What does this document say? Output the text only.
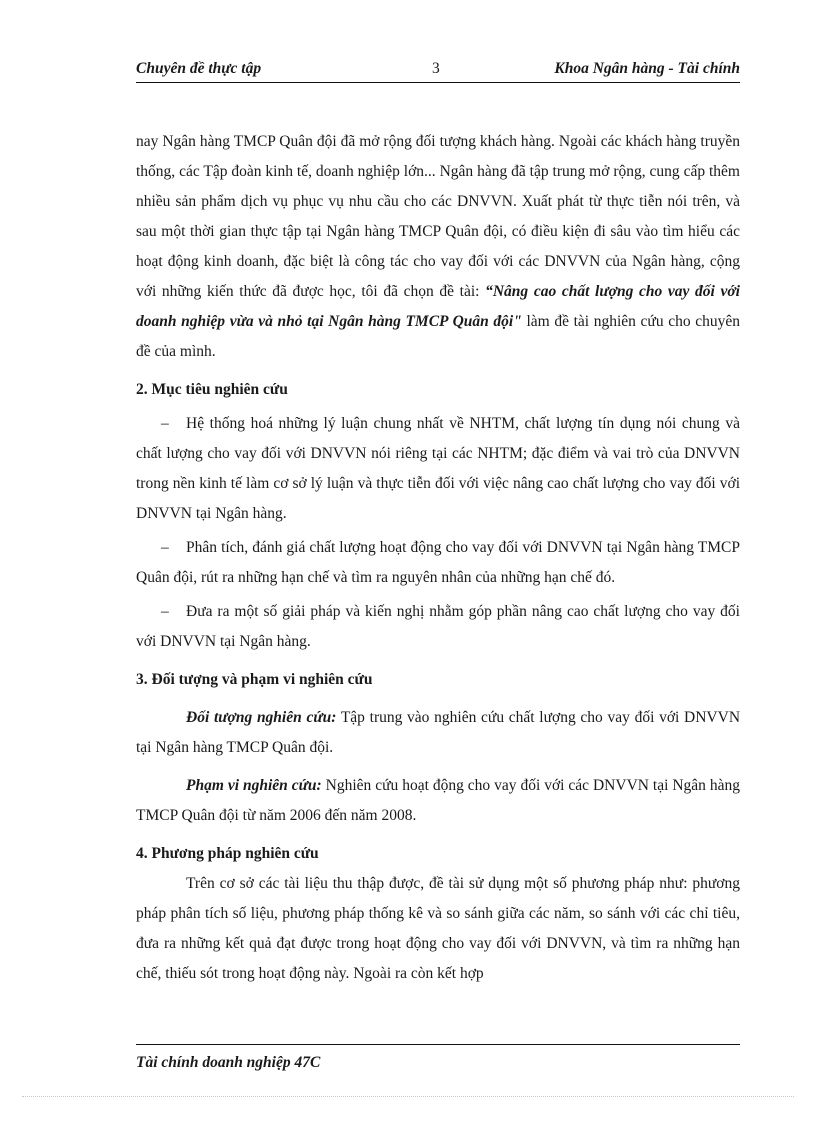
Chuyên đề thực tập	3	Khoa Ngân hàng - Tài chính

nay Ngân hàng TMCP Quân đội đã mở rộng đối tượng khách hàng. Ngoài các khách hàng truyền thống, các Tập đoàn kinh tế, doanh nghiệp lớn... Ngân hàng đã tập trung mở rộng, cung cấp thêm nhiều sản phẩm dịch vụ phục vụ nhu cầu cho các DNVVN. Xuất phát từ thực tiễn nói trên, và sau một thời gian thực tập tại Ngân hàng TMCP Quân đội, có điều kiện đi sâu vào tìm hiểu các hoạt động kinh doanh, đặc biệt là công tác cho vay đối với các DNVVN của Ngân hàng, cộng với những kiến thức đã được học, tôi đã chọn đề tài: “Nâng cao chất lượng cho vay đối với doanh nghiệp vừa và nhỏ tại Ngân hàng TMCP Quân đội" làm đề tài nghiên cứu cho chuyên đề của mình.

2. Mục tiêu nghiên cứu

– Hệ thống hoá những lý luận chung nhất về NHTM, chất lượng tín dụng nói chung và chất lượng cho vay đối với DNVVN nói riêng tại các NHTM; đặc điểm và vai trò của DNVVN trong nền kinh tế làm cơ sở lý luận và thực tiễn đối với việc nâng cao chất lượng cho vay đối với DNVVN tại Ngân hàng.

– Phân tích, đánh giá chất lượng hoạt động cho vay đối với DNVVN tại Ngân hàng TMCP Quân đội, rút ra những hạn chế và tìm ra nguyên nhân của những hạn chế đó.

– Đưa ra một số giải pháp và kiến nghị nhằm góp phần nâng cao chất lượng cho vay đối với DNVVN tại Ngân hàng.

3. Đối tượng và phạm vi nghiên cứu

Đối tượng nghiên cứu: Tập trung vào nghiên cứu chất lượng cho vay đối với DNVVN tại Ngân hàng TMCP Quân đội.

Phạm vi nghiên cứu: Nghiên cứu hoạt động cho vay đối với các DNVVN tại Ngân hàng TMCP Quân đội từ năm 2006 đến năm 2008.

4. Phương pháp nghiên cứu

Trên cơ sở các tài liệu thu thập được, đề tài sử dụng một số phương pháp như: phương pháp phân tích số liệu, phương pháp thống kê và so sánh giữa các năm, so sánh với các chỉ tiêu, đưa ra những kết quả đạt được trong hoạt động cho vay đối với DNVVN, và tìm ra những hạn chế, thiếu sót trong hoạt động này. Ngoài ra còn kết hợp

Tài chính doanh nghiệp 47C
